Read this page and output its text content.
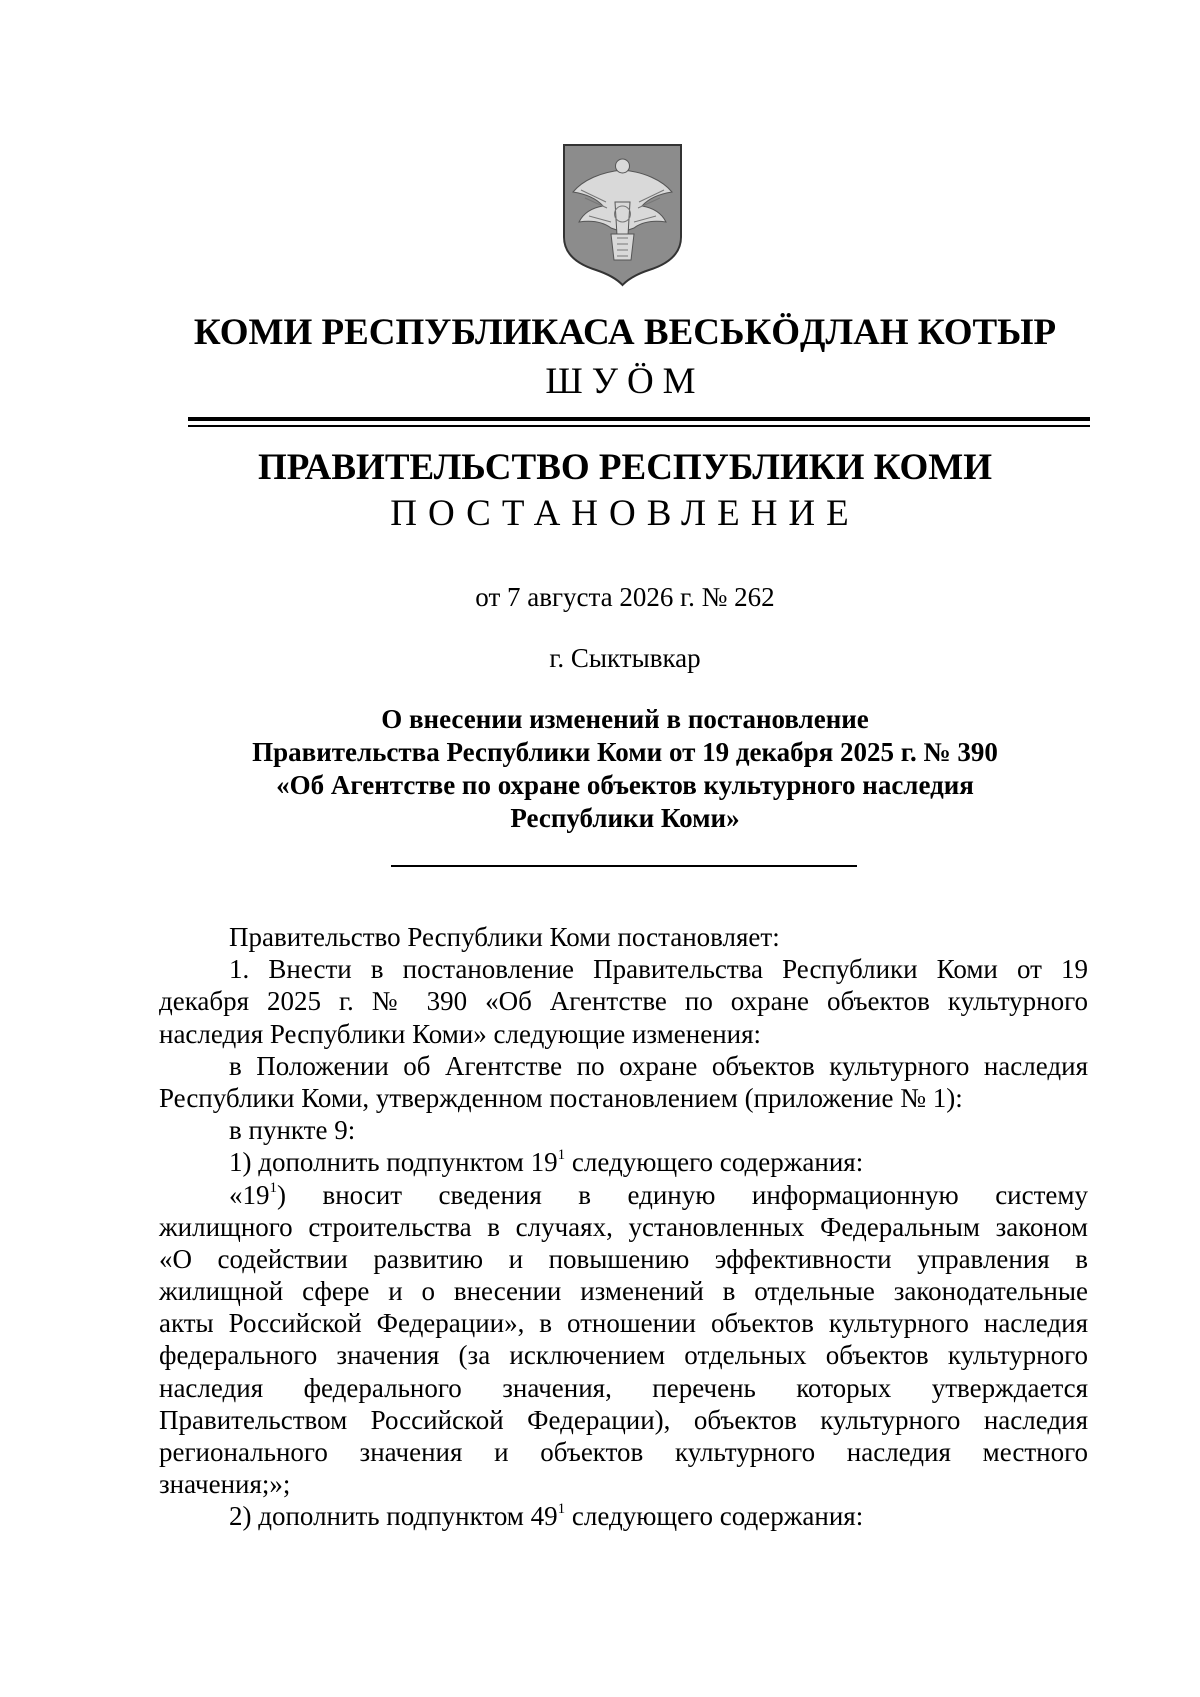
КОМИ РЕСПУБЛИКАСА ВЕСЬКӦДЛАН КОТЫР
ШУӦМ
ПРАВИТЕЛЬСТВО РЕСПУБЛИКИ КОМИ
ПОСТАНОВЛЕНИЕ
от 7 августа 2026 г. № 262
г. Сыктывкар
О внесении изменений в постановление
Правительства Республики Коми от 19 декабря 2025 г. № 390
«Об Агентстве по охране объектов культурного наследия
Республики Коми»
Правительство Республики Коми постановляет:
1. Внести в постановление Правительства Республики Коми от 19
декабря 2025 г. № 390 «Об Агентстве по охране объектов культурного
наследия Республики Коми» следующие изменения:
в Положении об Агентстве по охране объектов культурного наследия
Республики Коми, утвержденном постановлением (приложение № 1):
в пункте 9:
1) дополнить подпунктом $19^1$ следующего содержания:
«$19^1$) вносит сведения в единую информационную систему
жилищного строительства в случаях, установленных Федеральным законом
«О содействии развитию и повышению эффективности управления в
жилищной сфере и о внесении изменений в отдельные законодательные
акты Российской Федерации», в отношении объектов культурного наследия
федерального значения (за исключением отдельных объектов культурного
наследия федерального значения, перечень которых утверждается
Правительством Российской Федерации), объектов культурного наследия
регионального значения и объектов культурного наследия местного
значения;»;
2) дополнить подпунктом $49^1$ следующего содержания:
